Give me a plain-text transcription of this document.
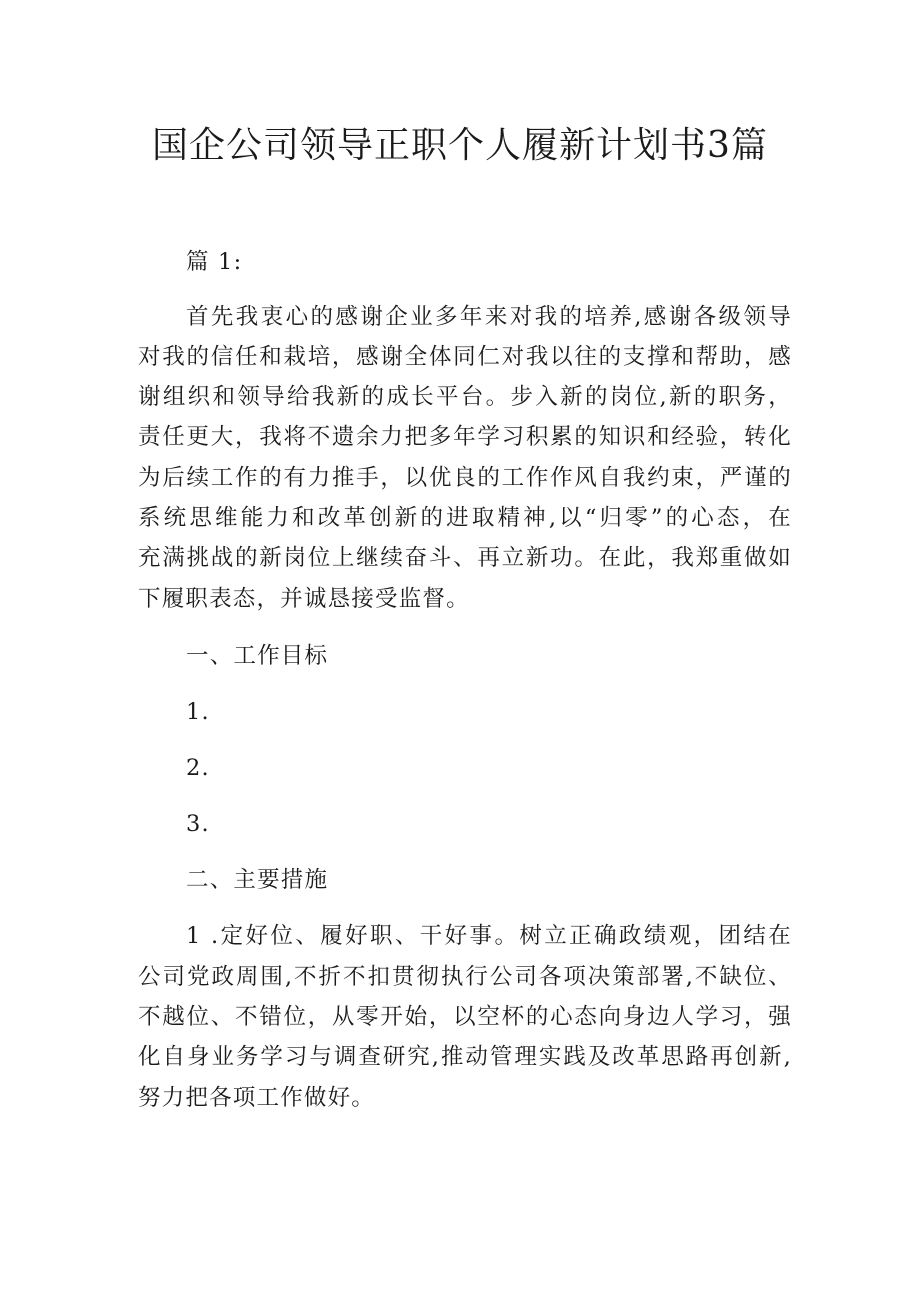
国企公司领导正职个人履新计划书3篇
篇 1:
首先我衷心的感谢企业多年来对我的培养,感谢各级领导
对我的信任和栽培，感谢全体同仁对我以往的支撑和帮助，感
谢组织和领导给我新的成长平台。步入新的岗位,新的职务，
责任更大，我将不遗余力把多年学习积累的知识和经验，转化
为后续工作的有力推手，以优良的工作作风自我约束，严谨的
系统思维能力和改革创新的进取精神,以“归零”的心态，在
充满挑战的新岗位上继续奋斗、再立新功。在此，我郑重做如
下履职表态，并诚恳接受监督。
一、工作目标
1.
2.
3.
二、主要措施
1 .定好位、履好职、干好事。树立正确政绩观，团结在
公司党政周围,不折不扣贯彻执行公司各项决策部署,不缺位、
不越位、不错位，从零开始，以空杯的心态向身边人学习，强
化自身业务学习与调查研究,推动管理实践及改革思路再创新,
努力把各项工作做好。
